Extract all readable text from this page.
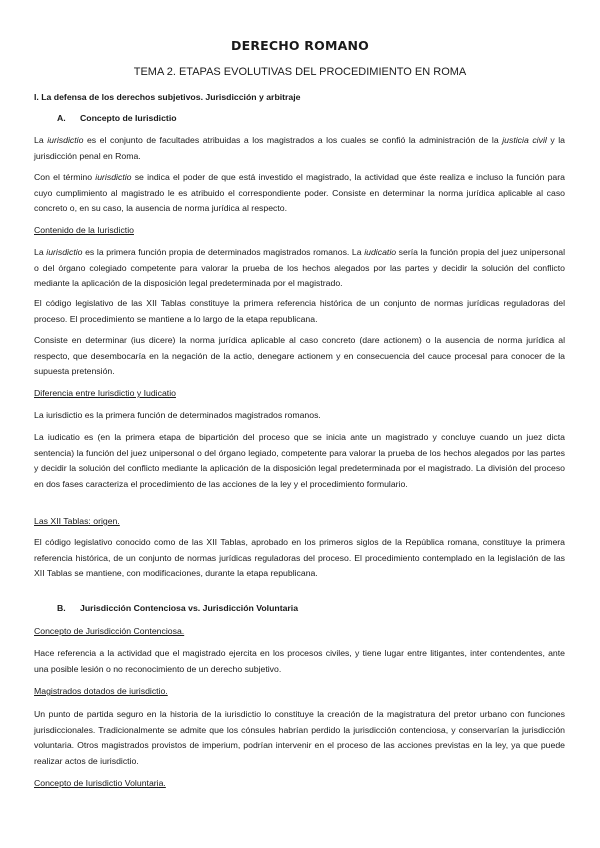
DERECHO ROMANO
TEMA 2. ETAPAS EVOLUTIVAS DEL PROCEDIMIENTO EN ROMA
I. La defensa de los derechos subjetivos. Jurisdicción y arbitraje
A. Concepto de Iurisdictio
La iurisdictio es el conjunto de facultades atribuidas a los magistrados a los cuales se confió la administración de la justicia civil y la jurisdicción penal en Roma.
Con el término iurisdictio se indica el poder de que está investido el magistrado, la actividad que éste realiza e incluso la función para cuyo cumplimiento al magistrado le es atribuido el correspondiente poder. Consiste en determinar la norma jurídica aplicable al caso concreto o, en su caso, la ausencia de norma jurídica al respecto.
Contenido de la Iurisdictio
La iurisdictio es la primera función propia de determinados magistrados romanos. La iudicatio sería la función propia del juez unipersonal o del órgano colegiado competente para valorar la prueba de los hechos alegados por las partes y decidir la solución del conflicto mediante la aplicación de la disposición legal predeterminada por el magistrado.
El código legislativo de las XII Tablas constituye la primera referencia histórica de un conjunto de normas jurídicas reguladoras del proceso. El procedimiento se mantiene a lo largo de la etapa republicana.
Consiste en determinar (ius dicere) la norma jurídica aplicable al caso concreto (dare actionem) o la ausencia de norma jurídica al respecto, que desembocaría en la negación de la actio, denegare actionem y en consecuencia del cauce procesal para conocer de la supuesta pretensión.
Diferencia entre Iurisdictio y Iudicatio
La iurisdictio es la primera función de determinados magistrados romanos.
La iudicatio es (en la primera etapa de bipartición del proceso que se inicia ante un magistrado y concluye cuando un juez dicta sentencia) la función del juez unipersonal o del órgano legiado, competente para valorar la prueba de los hechos alegados por las partes y decidir la solución del conflicto mediante la aplicación de la disposición legal predeterminada por el magistrado. La división del proceso en dos fases caracteriza el procedimiento de las acciones de la ley y el procedimiento formulario.
Las XII Tablas: origen.
El código legislativo conocido como de las XII Tablas, aprobado en los primeros siglos de la República romana, constituye la primera referencia histórica, de un conjunto de normas jurídicas reguladoras del proceso. El procedimiento contemplado en la legislación de las XII Tablas se mantiene, con modificaciones, durante la etapa republicana.
B. Jurisdicción Contenciosa vs. Jurisdicción Voluntaria
Concepto de Jurisdicción Contenciosa.
Hace referencia a la actividad que el magistrado ejercita en los procesos civiles, y tiene lugar entre litigantes, inter contendentes, ante una posible lesión o no reconocimiento de un derecho subjetivo.
Magistrados dotados de iurisdictio.
Un punto de partida seguro en la historia de la iurisdictio lo constituye la creación de la magistratura del pretor urbano con funciones jurisdiccionales. Tradicionalmente se admite que los cónsules habrían perdido la jurisdicción contenciosa, y conservarían la jurisdicción voluntaria. Otros magistrados provistos de imperium, podrían intervenir en el proceso de las acciones previstas en la ley, ya que puede realizar actos de iurisdictio.
Concepto de Iurisdictio Voluntaria.
